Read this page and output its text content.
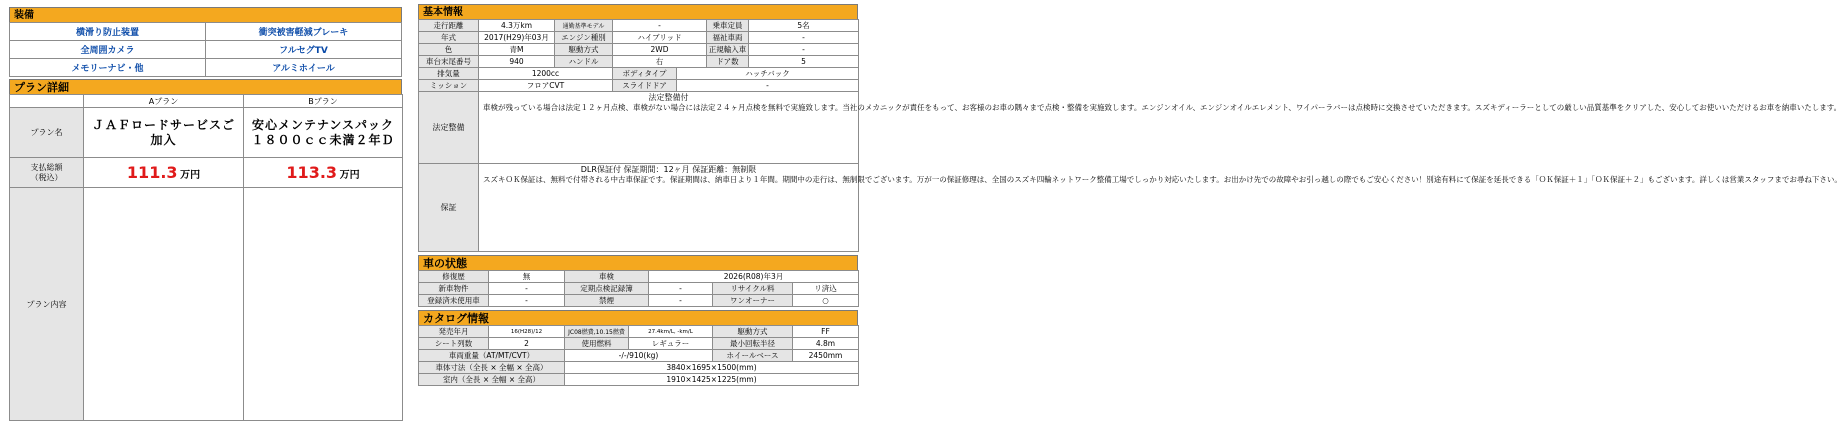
装備
横滑り防止装置	衝突被害軽減ブレーキ
全周囲カメラ	フルセグTV
メモリーナビ・他	アルミホイール
プラン詳細
	Aプラン	Bプラン
プラン名	ＪＡＦロードサービスご加入	安心メンテナンスパック１８００ｃｃ未満２年Ｄ
支払総額
（税込）	111.3 万円	113.3 万円
プラン内容		
基本情報
走行距離	4.3万km	通勤基準モデル	-		乗車定員	5名
年式	2017(H29)年03月	エンジン種別	ハイブリッド		福祉車両	-
色	青M	駆動方式	2WD		正規輸入車	-
車台末尾番号	940	ハンドル	右		ドア数	5
排気量	1200cc		ボディタイプ	ハッチバック		
ミッション	フロアCVT		スライドドア	-		
法定整備	法定整備付
車検が残っている場合は法定１２ヶ月点検、車検がない場合には法定２４ヶ月点検を無料で実施致します。当社のメカニックが責任をもって、お客様のお車の隅々まで点検・整備を実施致します。エンジンオイル、エンジンオイルエレメント、ワイパーラバーは点検時に交換させていただきます。スズキディーラーとしての厳しい品質基準をクリアした、安心してお使いいただけるお車を納車いたします。					
保証	DLR保証付 保証期間：12ヶ月 保証距離：無制限
スズキＯＫ保証は、無料で付帯される中古車保証です。保証期間は、納車日より１年間。期間中の走行は、無制限でございます。万が一の保証修理は、全国のスズキ四輪ネットワーク整備工場でしっかり対応いたします。お出かけ先での故障やお引っ越しの際でもご安心ください！別途有料にて保証を延長できる「ＯＫ保証＋１」「ＯＫ保証＋２」もございます。詳しくは営業スタッフまでお尋ね下さい。					
車の状態
修復歴	無	車検	2026(R08)年3月		
新車物件	-	定期点検記録簿	-	リサイクル料	リ済込
登録済未使用車	-	禁煙	-	ワンオーナー	○
カタログ情報
発売年月	16(H28)/12	JC08燃費,10.15燃費	27.4km/L, -km/L	駆動方式	FF
シート列数	2	使用燃料	レギュラー	最小回転半径	4.8m
車両重量（AT/MT/CVT）		-/-/910(kg)		ホイールベース	2450mm
車体寸法（全長 × 全幅 × 全高）		3840×1695×1500(mm)			
室内（全長 × 全幅 × 全高）		1910×1425×1225(mm)			
